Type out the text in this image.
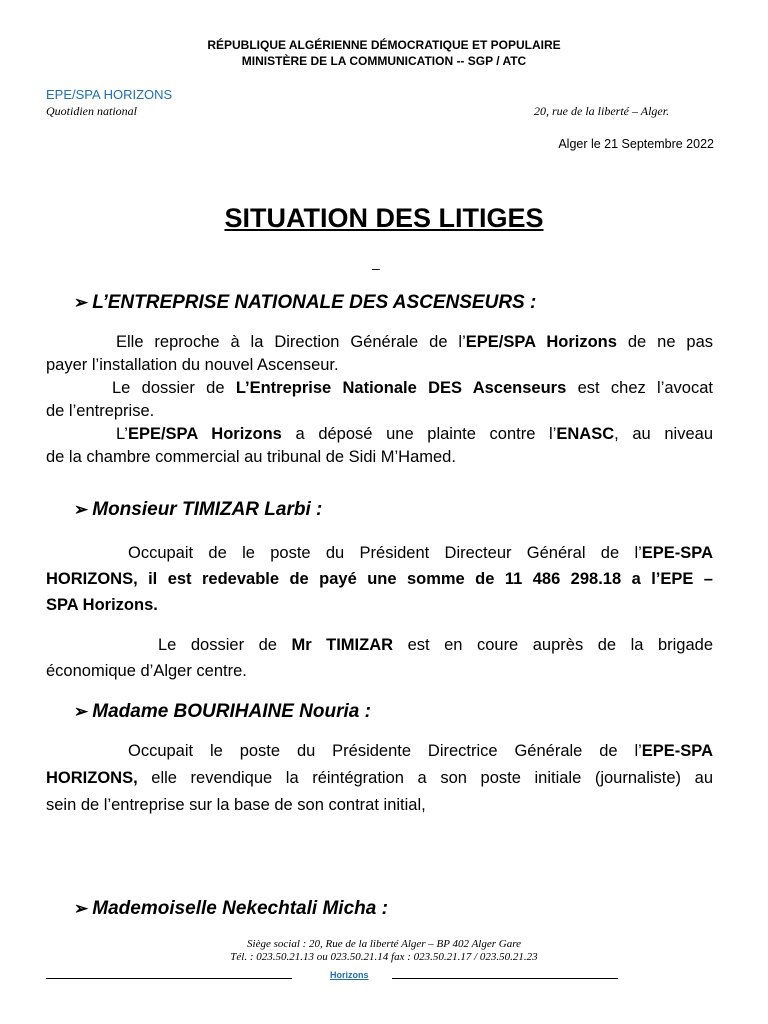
RÉPUBLIQUE ALGÉRIENNE DÉMOCRATIQUE ET POPULAIRE
MINISTÈRE DE LA COMMUNICATION -- SGP / ATC
EPE/SPA HORIZONS
Quotidien national	20, rue de la liberté – Alger.
Alger le 21 Septembre 2022
SITUATION DES LITIGES
–
➢ L’ENTREPRISE NATIONALE DES ASCENSEURS :
Elle reproche à la Direction Générale de l’EPE/SPA Horizons de ne pas
payer l’installation du nouvel Ascenseur.
Le dossier de L’Entreprise Nationale DES Ascenseurs est chez l’avocat
de l’entreprise.
L’EPE/SPA Horizons a déposé une plainte contre l’ENASC, au niveau
de la chambre commercial au tribunal de Sidi M’Hamed.
➢ Monsieur TIMIZAR Larbi :
Occupait de le poste du Président Directeur Général de l’EPE-SPA
HORIZONS, il est redevable de payé une somme de 11 486 298.18 a l’EPE –
SPA Horizons.
Le dossier de Mr TIMIZAR est en coure auprès de la brigade
économique d’Alger centre.
➢ Madame BOURIHAINE Nouria :
Occupait le poste du Présidente Directrice Générale de l’EPE-SPA
HORIZONS, elle revendique la réintégration a son poste initiale (journaliste) au
sein de l’entreprise sur la base de son contrat initial,
➢ Mademoiselle Nekechtali Micha :
Siège social : 20, Rue de la liberté Alger – BP 402 Alger Gare
Tél. : 023.50.21.13 ou 023.50.21.14 fax : 023.50.21.17 / 023.50.21.23
Horizons
